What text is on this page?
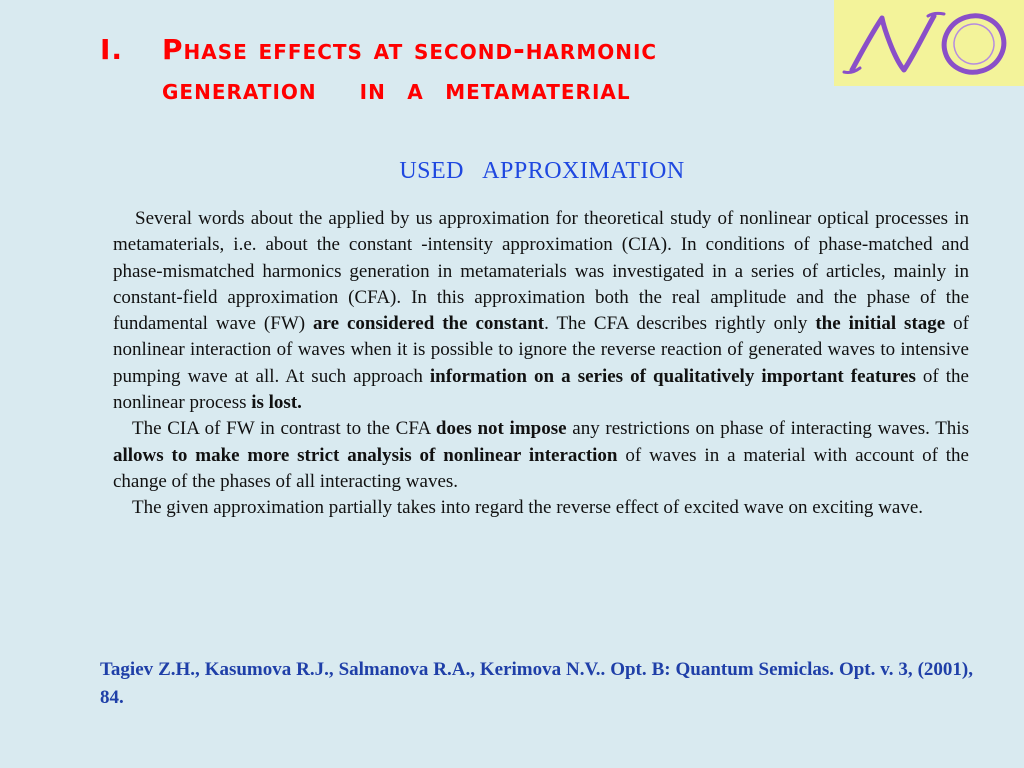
I.	Phase effects at second-harmonic
generation    in  a  metamaterial
USED   APPROXIMATION

Several words about the applied by us approximation for theoretical study of nonlinear optical processes in metamaterials, i.e. about the constant -intensity approximation (CIA). In conditions of phase-matched and phase-mismatched harmonics generation in metamaterials was investigated in a series of articles, mainly in constant-field approximation (CFA). In this approximation both the real amplitude and the phase of the fundamental wave (FW) are considered the constant. The CFA describes rightly only the initial stage of nonlinear interaction of waves when it is possible to ignore the reverse reaction of generated waves to intensive pumping wave at all. At such approach information on a series of qualitatively important features of the nonlinear process is lost.

The CIA of FW in contrast to the CFA does not impose any restrictions on phase of interacting waves. This allows to make more strict analysis of nonlinear interaction of waves in a material with account of the change of the phases of all interacting waves.

The given approximation partially takes into regard the reverse effect of excited wave on exciting wave.

Tagiev Z.H., Kasumova R.J., Salmanova R.A., Kerimova N.V.. Opt. B: Quantum Semiclas. Opt. v. 3, (2001), 84.
